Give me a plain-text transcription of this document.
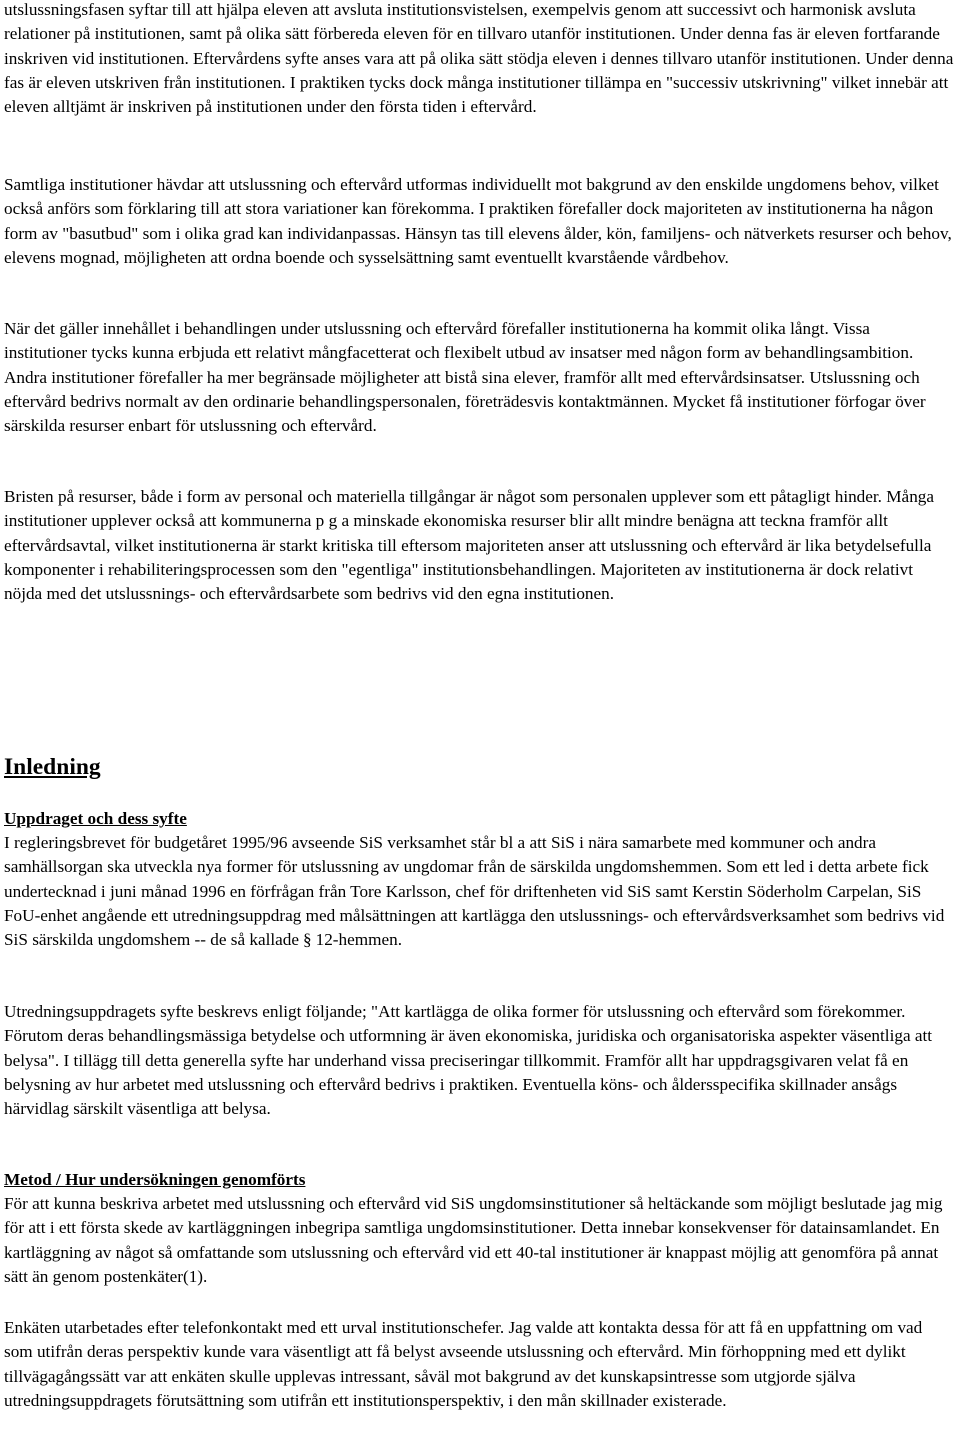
utslussningsfasen syftar till att hjälpa eleven att avsluta institutionsvistelsen, exempelvis genom att successivt och harmonisk avsluta relationer på institutionen, samt på olika sätt förbereda eleven för en tillvaro utanför institutionen. Under denna fas är eleven fortfarande inskriven vid institutionen. Eftervårdens syfte anses vara att på olika sätt stödja eleven i dennes tillvaro utanför institutionen. Under denna fas är eleven utskriven från institutionen. I praktiken tycks dock många institutioner tillämpa en "successiv utskrivning" vilket innebär att eleven alltjämt är inskriven på institutionen under den första tiden i eftervård.

Samtliga institutioner hävdar att utslussning och eftervård utformas individuellt mot bakgrund av den enskilde ungdomens behov, vilket också anförs som förklaring till att stora variationer kan förekomma. I praktiken förefaller dock majoriteten av institutionerna ha någon form av "basutbud" som i olika grad kan individanpassas. Hänsyn tas till elevens ålder, kön, familjens- och nätverkets resurser och behov, elevens mognad, möjligheten att ordna boende och sysselsättning samt eventuellt kvarstående vårdbehov.

När det gäller innehållet i behandlingen under utslussning och eftervård förefaller institutionerna ha kommit olika långt. Vissa institutioner tycks kunna erbjuda ett relativt mångfacetterat och flexibelt utbud av insatser med någon form av behandlingsambition. Andra institutioner förefaller ha mer begränsade möjligheter att bistå sina elever, framför allt med eftervårdsinsatser. Utslussning och eftervård bedrivs normalt av den ordinarie behandlingspersonalen, företrädesvis kontaktmännen. Mycket få institutioner förfogar över särskilda resurser enbart för utslussning och eftervård.

Bristen på resurser, både i form av personal och materiella tillgångar är något som personalen upplever som ett påtagligt hinder. Många institutioner upplever också att kommunerna p g a minskade ekonomiska resurser blir allt mindre benägna att teckna framför allt eftervårdsavtal, vilket institutionerna är starkt kritiska till eftersom majoriteten anser att utslussning och eftervård är lika betydelsefulla komponenter i rehabiliteringsprocessen som den "egentliga" institutionsbehandlingen. Majoriteten av institutionerna är dock relativt nöjda med det utslussnings- och eftervårdsarbete som bedrivs vid den egna institutionen.

Inledning
Uppdraget och dess syfte

I regleringsbrevet för budgetåret 1995/96 avseende SiS verksamhet står bl a att SiS i nära samarbete med kommuner och andra samhällsorgan ska utveckla nya former för utslussning av ungdomar från de särskilda ungdomshemmen. Som ett led i detta arbete fick undertecknad i juni månad 1996 en förfrågan från Tore Karlsson, chef för driftenheten vid SiS samt Kerstin Söderholm Carpelan, SiS FoU-enhet angående ett utredningsuppdrag med målsättningen att kartlägga den utslussnings- och eftervårdsverksamhet som bedrivs vid SiS särskilda ungdomshem -- de så kallade § 12-hemmen.

Utredningsuppdragets syfte beskrevs enligt följande; "Att kartlägga de olika former för utslussning och eftervård som förekommer. Förutom deras behandlingsmässiga betydelse och utformning är även ekonomiska, juridiska och organisatoriska aspekter väsentliga att belysa". I tillägg till detta generella syfte har underhand vissa preciseringar tillkommit. Framför allt har uppdragsgivaren velat få en belysning av hur arbetet med utslussning och eftervård bedrivs i praktiken. Eventuella köns- och åldersspecifika skillnader ansågs härvidlag särskilt väsentliga att belysa.

Metod / Hur undersökningen genomförts

För att kunna beskriva arbetet med utslussning och eftervård vid SiS ungdomsinstitutioner så heltäckande som möjligt beslutade jag mig för att i ett första skede av kartläggningen inbegripa samtliga ungdomsinstitutioner. Detta innebar konsekvenser för datainsamlandet. En kartläggning av något så omfattande som utslussning och eftervård vid ett 40-tal institutioner är knappast möjlig att genomföra på annat sätt än genom postenkäter(1).

Enkäten utarbetades efter telefonkontakt med ett urval institutionschefer. Jag valde att kontakta dessa för att få en uppfattning om vad som utifrån deras perspektiv kunde vara väsentligt att få belyst avseende utslussning och eftervård. Min förhoppning med ett dylikt tillvägagångssätt var att enkäten skulle upplevas intressant, såväl mot bakgrund av det kunskapsintresse som utgjorde själva utredningsuppdragets förutsättning som utifrån ett institutionsperspektiv, i den mån skillnader existerade.
